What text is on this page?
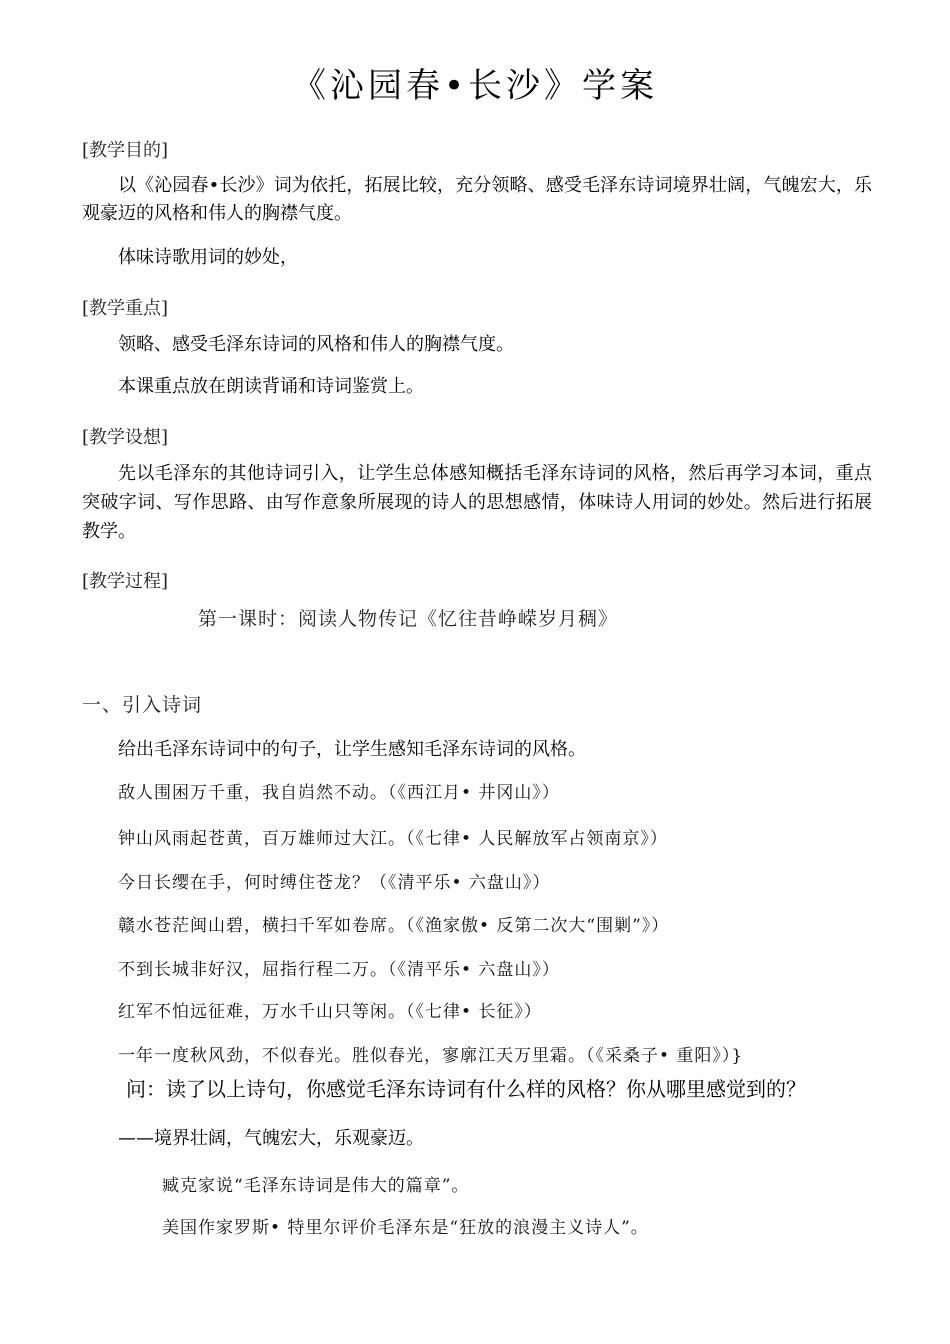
《沁园春•长沙》学案
[教学目的]
以《沁园春•长沙》词为依托，拓展比较，充分领略、感受毛泽东诗词境界壮阔，气魄宏大，乐观豪迈的风格和伟人的胸襟气度。
体味诗歌用词的妙处，
[教学重点]
领略、感受毛泽东诗词的风格和伟人的胸襟气度。
本课重点放在朗读背诵和诗词鉴赏上。
[教学设想]
先以毛泽东的其他诗词引入，让学生总体感知概括毛泽东诗词的风格，然后再学习本词，重点突破字词、写作思路、由写作意象所展现的诗人的思想感情，体味诗人用词的妙处。然后进行拓展教学。
[教学过程]
第一课时：阅读人物传记《忆往昔峥嵘岁月稠》
一、引入诗词
给出毛泽东诗词中的句子，让学生感知毛泽东诗词的风格。
敌人围困万千重，我自岿然不动。（《西江月• 井冈山》）
钟山风雨起苍黄，百万雄师过大江。（《七律• 人民解放军占领南京》）
今日长缨在手，何时缚住苍龙？（《清平乐• 六盘山》）
赣水苍茫闽山碧，横扫千军如卷席。（《渔家傲• 反第二次大“围剿”》）
不到长城非好汉，屈指行程二万。（《清平乐• 六盘山》）
红军不怕远征难，万水千山只等闲。（《七律• 长征》）
一年一度秋风劲，不似春光。胜似春光，寥廓江天万里霜。（《采桑子• 重阳》）}
问：读了以上诗句，你感觉毛泽东诗词有什么样的风格？你从哪里感觉到的？
——境界壮阔，气魄宏大，乐观豪迈。
臧克家说“毛泽东诗词是伟大的篇章”。
美国作家罗斯• 特里尔评价毛泽东是“狂放的浪漫主义诗人”。
